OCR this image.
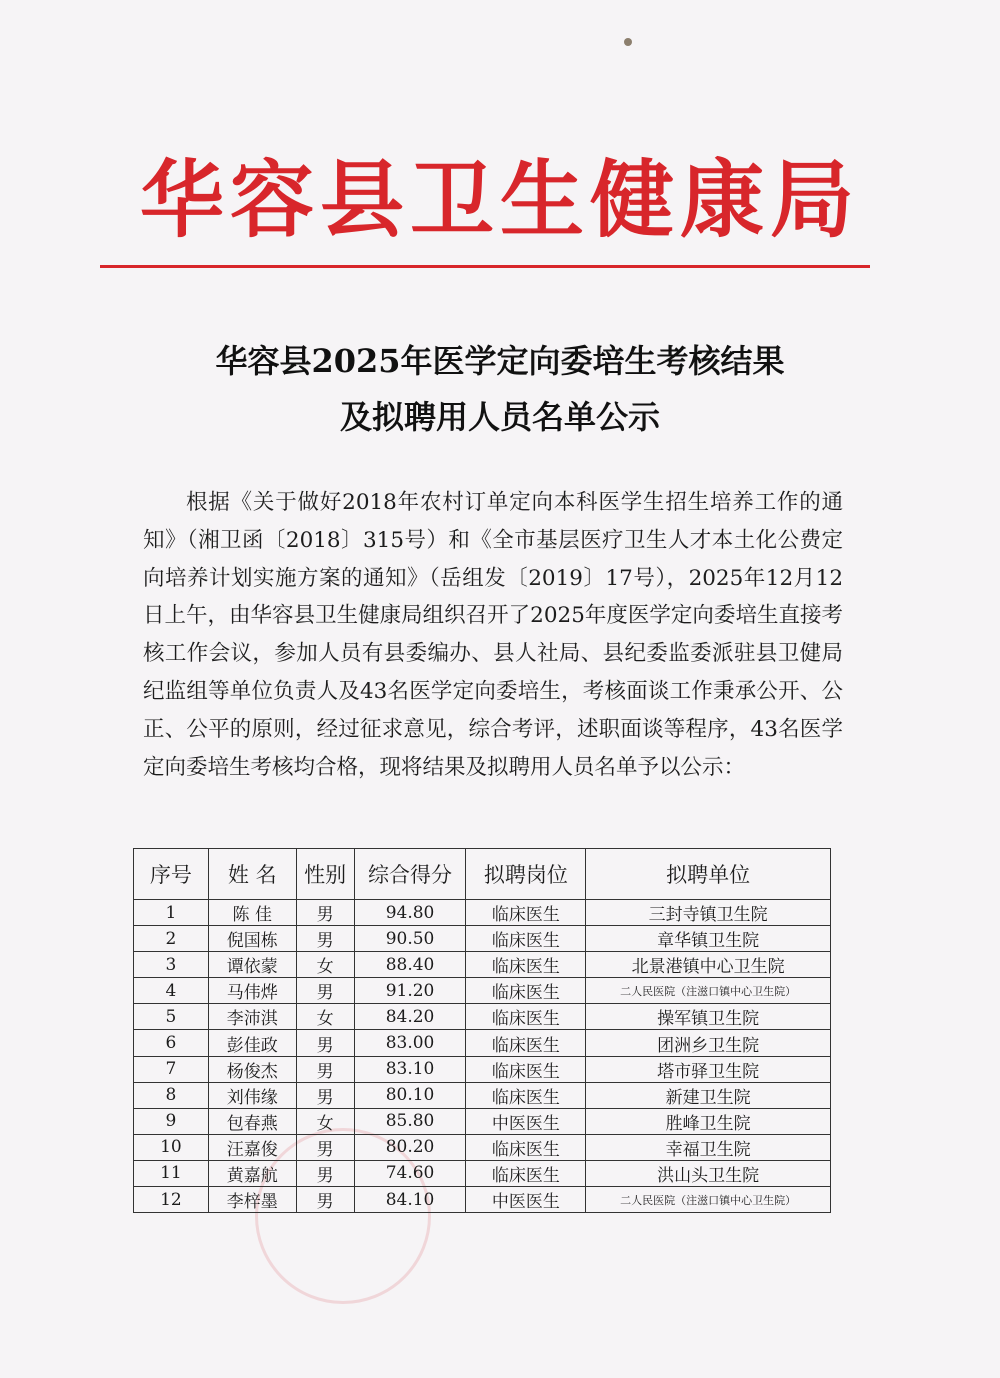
华容县卫生健康局
华容县2025年医学定向委培生考核结果
及拟聘用人员名单公示

根据《关于做好2018年农村订单定向本科医学生招生培养工作的通知》（湘卫函〔2018〕315号）和《全市基层医疗卫生人才本土化公费定向培养计划实施方案的通知》（岳组发〔2019〕17号），2025年12月12日上午，由华容县卫生健康局组织召开了2025年度医学定向委培生直接考核工作会议，参加人员有县委编办、县人社局、县纪委监委派驻县卫健局纪监组等单位负责人及43名医学定向委培生，考核面谈工作秉承公开、公正、公平的原则，经过征求意见，综合考评，述职面谈等程序，43名医学定向委培生考核均合格，现将结果及拟聘用人员名单予以公示：

序号	姓 名	性别	综合得分	拟聘岗位	拟聘单位
1	陈 佳	男	94.80	临床医生	三封寺镇卫生院
2	倪国栋	男	90.50	临床医生	章华镇卫生院
3	谭依蒙	女	88.40	临床医生	北景港镇中心卫生院
4	马伟烨	男	91.20	临床医生	二人民医院（注滋口镇中心卫生院）
5	李沛淇	女	84.20	临床医生	操军镇卫生院
6	彭佳政	男	83.00	临床医生	团洲乡卫生院
7	杨俊杰	男	83.10	临床医生	塔市驿卫生院
8	刘伟缘	男	80.10	临床医生	新建卫生院
9	包春燕	女	85.80	中医医生	胜峰卫生院
10	汪嘉俊	男	80.20	临床医生	幸福卫生院
11	黄嘉航	男	74.60	临床医生	洪山头卫生院
12	李梓墨	男	84.10	中医医生	二人民医院（注滋口镇中心卫生院）
